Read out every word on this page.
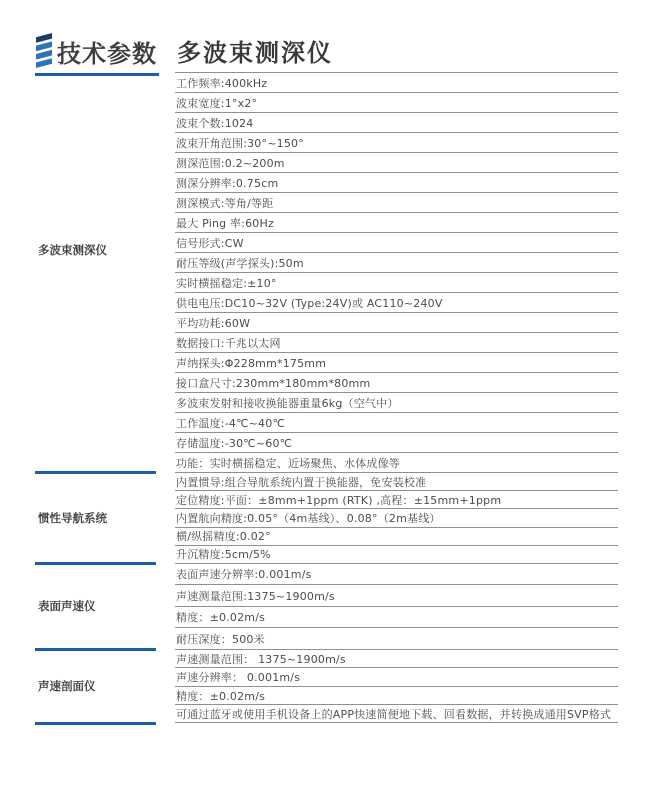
技术参数 多波束测深仪
多波束测深仪
惯性导航系统
表面声速仪
声速剖面仪
工作频率:400kHz
波束宽度:1°x2°
波束个数:1024
波束开角范围:30°~150°
测深范围:0.2~200m
测深分辨率:0.75cm
测深模式:等角/等距
最大 Ping 率:60Hz
信号形式:CW
耐压等级(声学探头):50m
实时横摇稳定:±10°
供电电压:DC10~32V (Type:24V)或 AC110~240V
平均功耗:60W
数据接口:千兆以太网
声纳探头:Φ228mm*175mm
接口盒尺寸:230mm*180mm*80mm
多波束发射和接收换能器重量6kg（空气中）
工作温度:-4℃~40℃
存储温度:-30℃~60℃
功能：实时横摇稳定、近场聚焦、水体成像等
内置惯导:组合导航系统内置于换能器，免安装校准
定位精度:平面：±8mm+1ppm (RTK) ,高程：±15mm+1ppm
内置航向精度:0.05°（4m基线）、0.08°（2m基线）
横/纵摇精度:0.02°
升沉精度:5cm/5%
表面声速分辨率:0.001m/s
声速测量范围:1375~1900m/s
精度：±0.02m/s
耐压深度：500米
声速测量范围： 1375~1900m/s
声速分辨率： 0.001m/s
精度：±0.02m/s
可通过蓝牙或使用手机设备上的APP快速简便地下载、回看数据，并转换成通用SVP格式
